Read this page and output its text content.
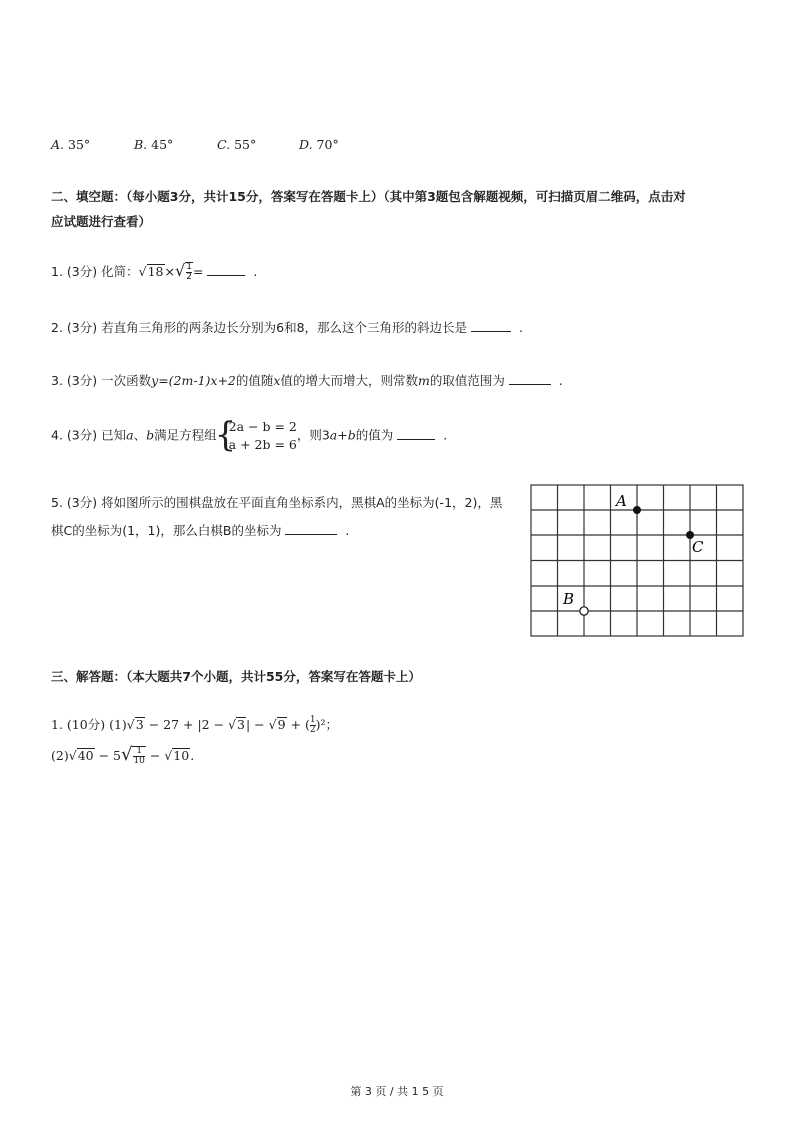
A. 35°	B. 45°	C. 55°	D. 70°
二、填空题：（每小题3分，共计15分，答案写在答题卡上）（其中第3题包含解题视频，可扫描页眉二维码，点击对
应试题进行查看）
1. (3分) 化简：$√18\times√ \frac{1}{2}$ =	.
2. (3分) 若直角三角形的两条边长分别为6和8，那么这个三角形的斜边长是	.
3. (3分) 一次函数y=(2m-1)x+2的值随x值的增大而增大，则常数m的取值范围为	.
4. (3分) 已知a、b满足方程组
{ 2a − b = 2
a + 2b = 6
，则3a+b的值为	.
5. (3分) 将如图所示的围棋盘放在平面直角坐标系内，黑棋A的坐标为(-1，2)，黑
棋C的坐标为(1，1)，那么白棋B的坐标为	.
A
C
B
三、解答题：（本大题共7个小题，共计55分，答案写在答题卡上）
1. (10分) (1)√3 − 27 + |2 − √3| − √9 + ( $\frac{1}{2} )^2$；
$(2)√40 - 5√ \frac{1}{10} - √10$.
第 3 页 / 共 1 5 页
